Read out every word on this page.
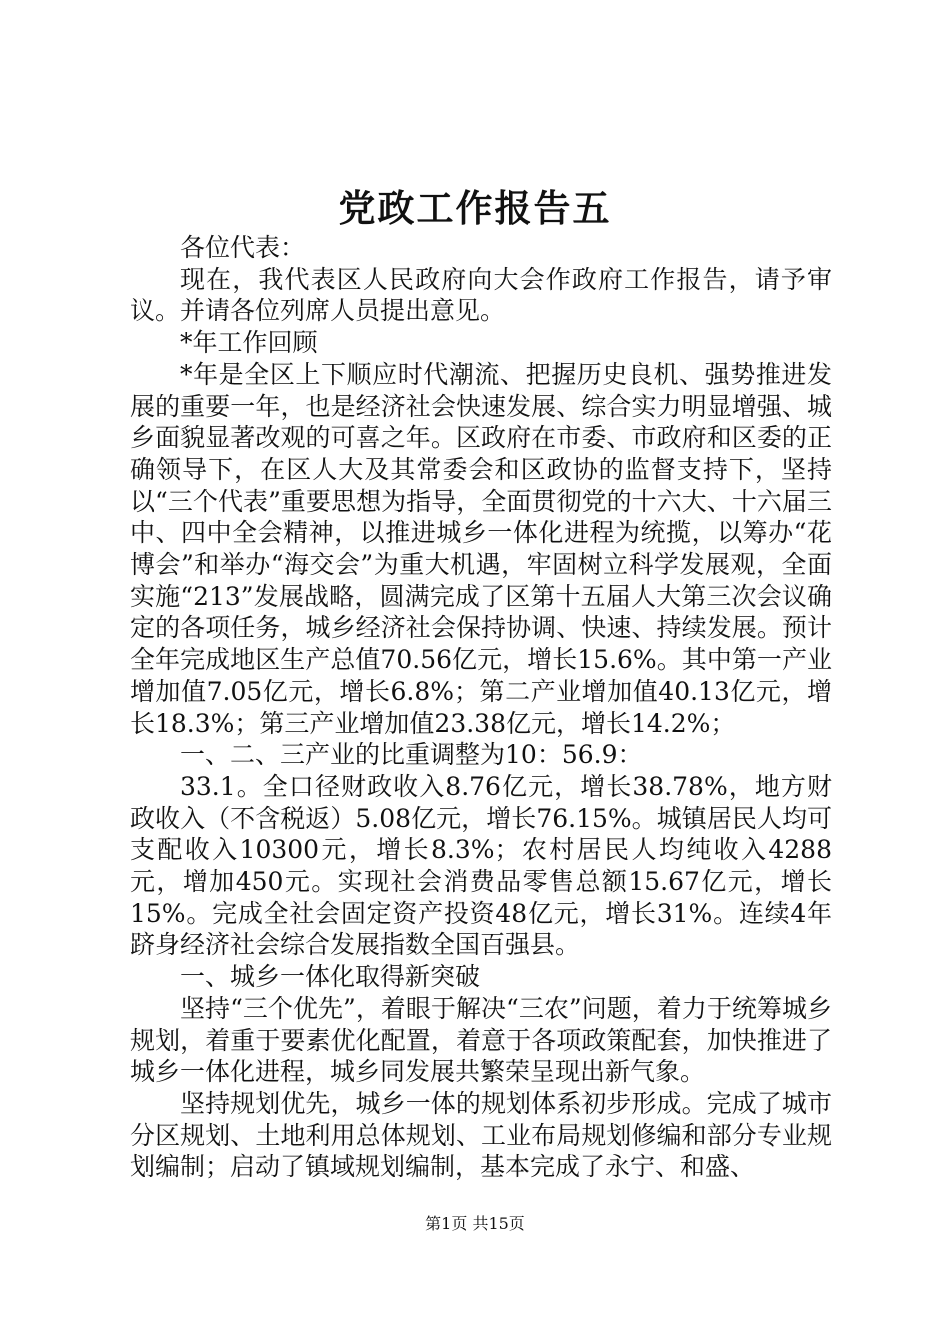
党政工作报告五

各位代表：

现在，我代表区人民政府向大会作政府工作报告，请予审议。并请各位列席人员提出意见。

*年工作回顾

*年是全区上下顺应时代潮流、把握历史良机、强势推进发展的重要一年，也是经济社会快速发展、综合实力明显增强、城乡面貌显著改观的可喜之年。区政府在市委、市政府和区委的正确领导下，在区人大及其常委会和区政协的监督支持下，坚持以“三个代表”重要思想为指导，全面贯彻党的十六大、十六届三中、四中全会精神，以推进城乡一体化进程为统揽，以筹办“花博会”和举办“海交会”为重大机遇，牢固树立科学发展观，全面实施“213”发展战略，圆满完成了区第十五届人大第三次会议确定的各项任务，城乡经济社会保持协调、快速、持续发展。预计全年完成地区生产总值70.56亿元，增长15.6%。其中第一产业增加值7.05亿元，增长6.8%；第二产业增加值40.13亿元，增长18.3%；第三产业增加值23.38亿元，增长14.2%；

一、二、三产业的比重调整为10：56.9：

33.1。全口径财政收入8.76亿元，增长38.78%，地方财政收入（不含税返）5.08亿元，增长76.15%。城镇居民人均可支配收入10300元，增长8.3%；农村居民人均纯收入4288元，增加450元。实现社会消费品零售总额15.67亿元，增长15%。完成全社会固定资产投资48亿元，增长31%。连续4年跻身经济社会综合发展指数全国百强县。

一、城乡一体化取得新突破

坚持“三个优先”，着眼于解决“三农”问题，着力于统筹城乡规划，着重于要素优化配置，着意于各项政策配套，加快推进了城乡一体化进程，城乡同发展共繁荣呈现出新气象。

坚持规划优先，城乡一体的规划体系初步形成。完成了城市分区规划、土地利用总体规划、工业布局规划修编和部分专业规划编制；启动了镇域规划编制，基本完成了永宁、和盛、

第1页 共15页
